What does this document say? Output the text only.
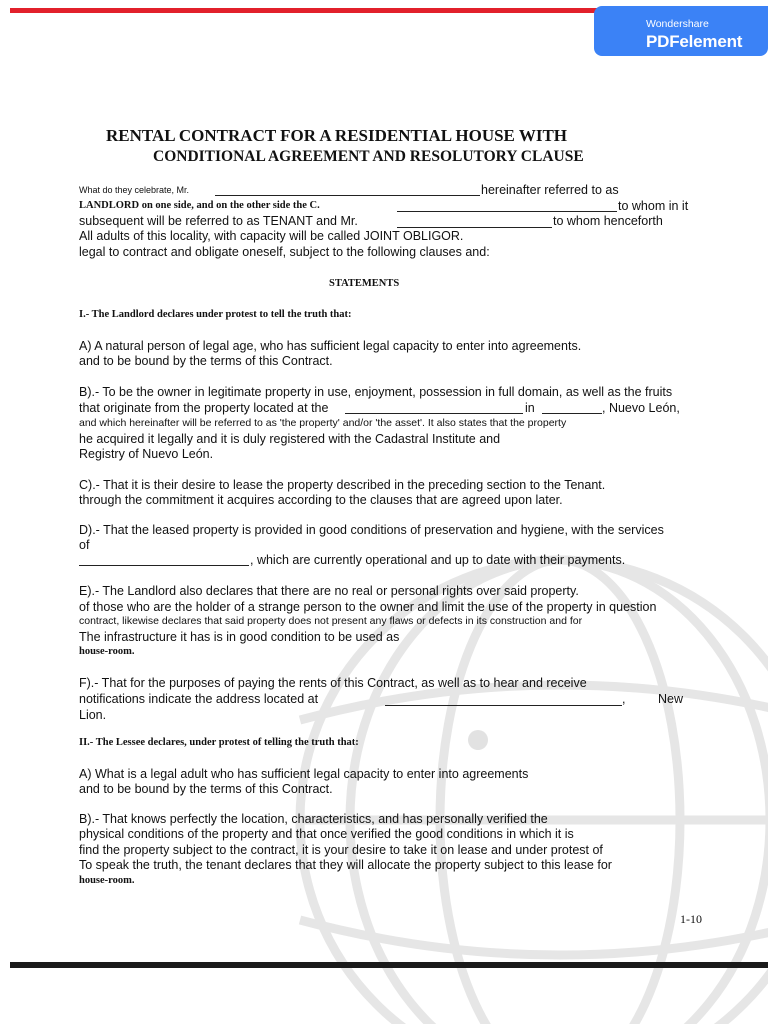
Wondershare
PDFelement
RENTAL CONTRACT FOR A RESIDENTIAL HOUSE WITH
CONDITIONAL AGREEMENT AND RESOLUTORY CLAUSE
What do they celebrate, Mr.	hereinafter referred to as
LANDLORD on one side, and on the other side the C.	to whom in it
subsequent will be referred to as TENANT and Mr.	to whom henceforth
All adults of this locality, with capacity will be called JOINT OBLIGOR.
legal to contract and obligate oneself, subject to the following clauses and:
STATEMENTS
I.- The Landlord declares under protest to tell the truth that:
A) A natural person of legal age, who has sufficient legal capacity to enter into agreements.
and to be bound by the terms of this Contract.
B).- To be the owner in legitimate property in use, enjoyment, possession in full domain, as well as the fruits
that originate from the property located at the	in	, Nuevo León,
and which hereinafter will be referred to as 'the property' and/or 'the asset'. It also states that the property
he acquired it legally and it is duly registered with the Cadastral Institute and
Registry of Nuevo León.
C).- That it is their desire to lease the property described in the preceding section to the Tenant.
through the commitment it acquires according to the clauses that are agreed upon later.
D).- That the leased property is provided in good conditions of preservation and hygiene, with the services
of
, which are currently operational and up to date with their payments.
E).- The Landlord also declares that there are no real or personal rights over said property.
of those who are the holder of a strange person to the owner and limit the use of the property in question
contract, likewise declares that said property does not present any flaws or defects in its construction and for
The infrastructure it has is in good condition to be used as
house-room.
F).- That for the purposes of paying the rents of this Contract, as well as to hear and receive
notifications indicate the address located at	,	New
Lion.
II.- The Lessee declares, under protest of telling the truth that:
A) What is a legal adult who has sufficient legal capacity to enter into agreements
and to be bound by the terms of this Contract.
B).- That knows perfectly the location, characteristics, and has personally verified the
physical conditions of the property and that once verified the good conditions in which it is
find the property subject to the contract, it is your desire to take it on lease and under protest of
To speak the truth, the tenant declares that they will allocate the property subject to this lease for
house-room.
1-10
